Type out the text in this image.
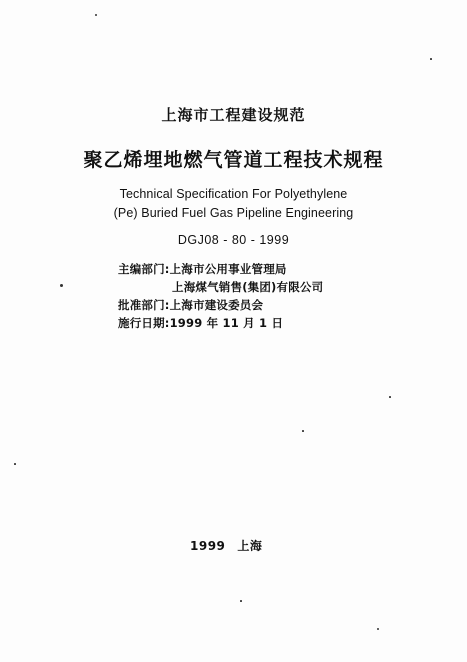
上海市工程建设规范
聚乙烯埋地燃气管道工程技术规程
Technical Specification For Polyethylene
(Pe) Buried Fuel Gas Pipeline Engineering
DGJ08 - 80 - 1999
主编部门:上海市公用事业管理局
上海煤气销售(集团)有限公司
批准部门:上海市建设委员会
施行日期:1999 年 11 月 1 日
1999 上海
